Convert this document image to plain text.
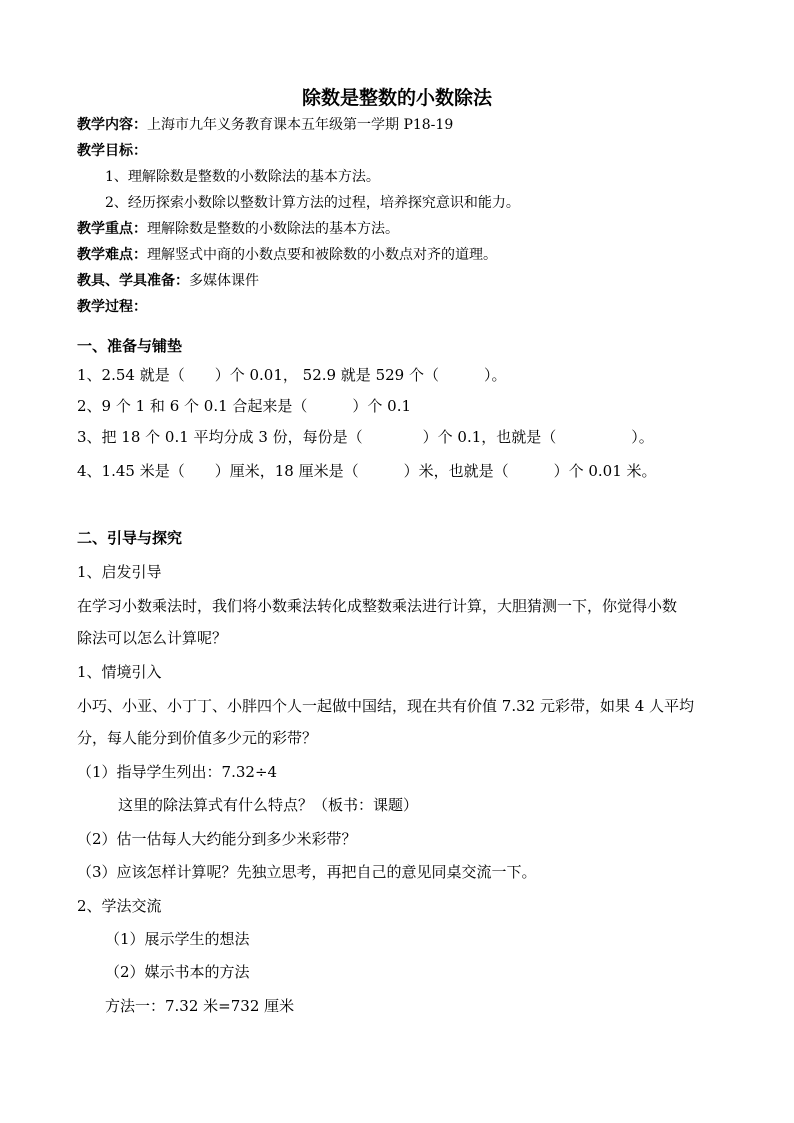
除数是整数的小数除法
教学内容：上海市九年义务教育课本五年级第一学期 P18-19
教学目标：
1、理解除数是整数的小数除法的基本方法。
2、经历探索小数除以整数计算方法的过程，培养探究意识和能力。
教学重点：理解除数是整数的小数除法的基本方法。
教学难点：理解竖式中商的小数点要和被除数的小数点对齐的道理。
教具、学具准备：多媒体课件
教学过程：
一、准备与铺垫
1、2.54 就是（　　）个 0.01， 52.9 就是 529 个（　　　）。
2、9 个 1 和 6 个 0.1 合起来是（　　　）个 0.1
3、把 18 个 0.1 平均分成 3 份，每份是（　　　　）个 0.1，也就是（　　　　　）。
4、1.45 米是（　　）厘米，18 厘米是（　　　）米，也就是（　　　）个 0.01 米。
二、引导与探究
1、启发引导
在学习小数乘法时，我们将小数乘法转化成整数乘法进行计算，大胆猜测一下，你觉得小数
除法可以怎么计算呢？
1、情境引入
小巧、小亚、小丁丁、小胖四个人一起做中国结，现在共有价值 7.32 元彩带，如果 4 人平均
分，每人能分到价值多少元的彩带？
（1）指导学生列出：7.32÷4
这里的除法算式有什么特点？（板书：课题）
（2）估一估每人大约能分到多少米彩带？
（3）应该怎样计算呢？先独立思考，再把自己的意见同桌交流一下。
2、学法交流
（1）展示学生的想法
（2）媒示书本的方法
方法一：7.32 米=732 厘米
